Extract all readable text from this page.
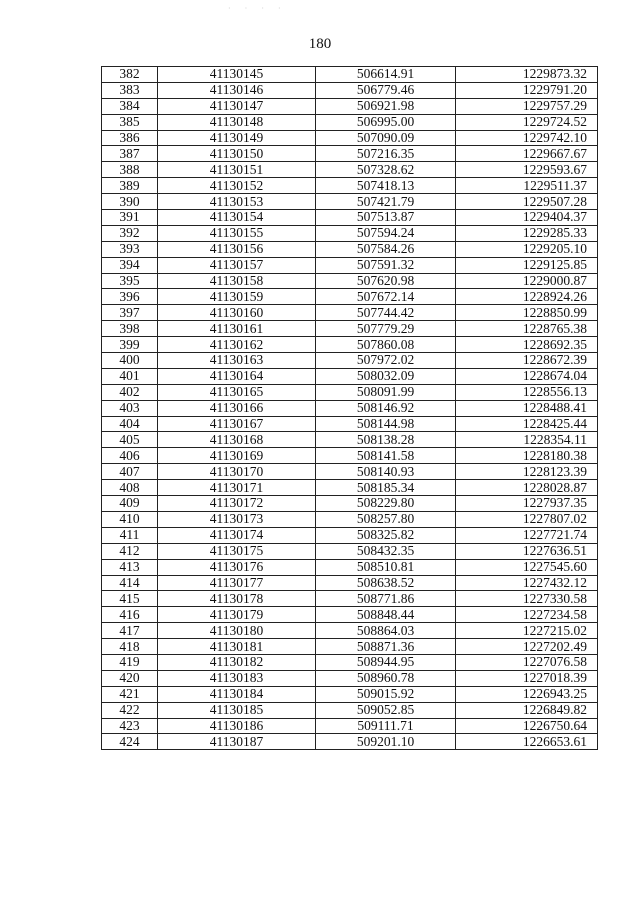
· · · ·
180
382	41130145	506614.91	1229873.32
383	41130146	506779.46	1229791.20
384	41130147	506921.98	1229757.29
385	41130148	506995.00	1229724.52
386	41130149	507090.09	1229742.10
387	41130150	507216.35	1229667.67
388	41130151	507328.62	1229593.67
389	41130152	507418.13	1229511.37
390	41130153	507421.79	1229507.28
391	41130154	507513.87	1229404.37
392	41130155	507594.24	1229285.33
393	41130156	507584.26	1229205.10
394	41130157	507591.32	1229125.85
395	41130158	507620.98	1229000.87
396	41130159	507672.14	1228924.26
397	41130160	507744.42	1228850.99
398	41130161	507779.29	1228765.38
399	41130162	507860.08	1228692.35
400	41130163	507972.02	1228672.39
401	41130164	508032.09	1228674.04
402	41130165	508091.99	1228556.13
403	41130166	508146.92	1228488.41
404	41130167	508144.98	1228425.44
405	41130168	508138.28	1228354.11
406	41130169	508141.58	1228180.38
407	41130170	508140.93	1228123.39
408	41130171	508185.34	1228028.87
409	41130172	508229.80	1227937.35
410	41130173	508257.80	1227807.02
411	41130174	508325.82	1227721.74
412	41130175	508432.35	1227636.51
413	41130176	508510.81	1227545.60
414	41130177	508638.52	1227432.12
415	41130178	508771.86	1227330.58
416	41130179	508848.44	1227234.58
417	41130180	508864.03	1227215.02
418	41130181	508871.36	1227202.49
419	41130182	508944.95	1227076.58
420	41130183	508960.78	1227018.39
421	41130184	509015.92	1226943.25
422	41130185	509052.85	1226849.82
423	41130186	509111.71	1226750.64
424	41130187	509201.10	1226653.61
